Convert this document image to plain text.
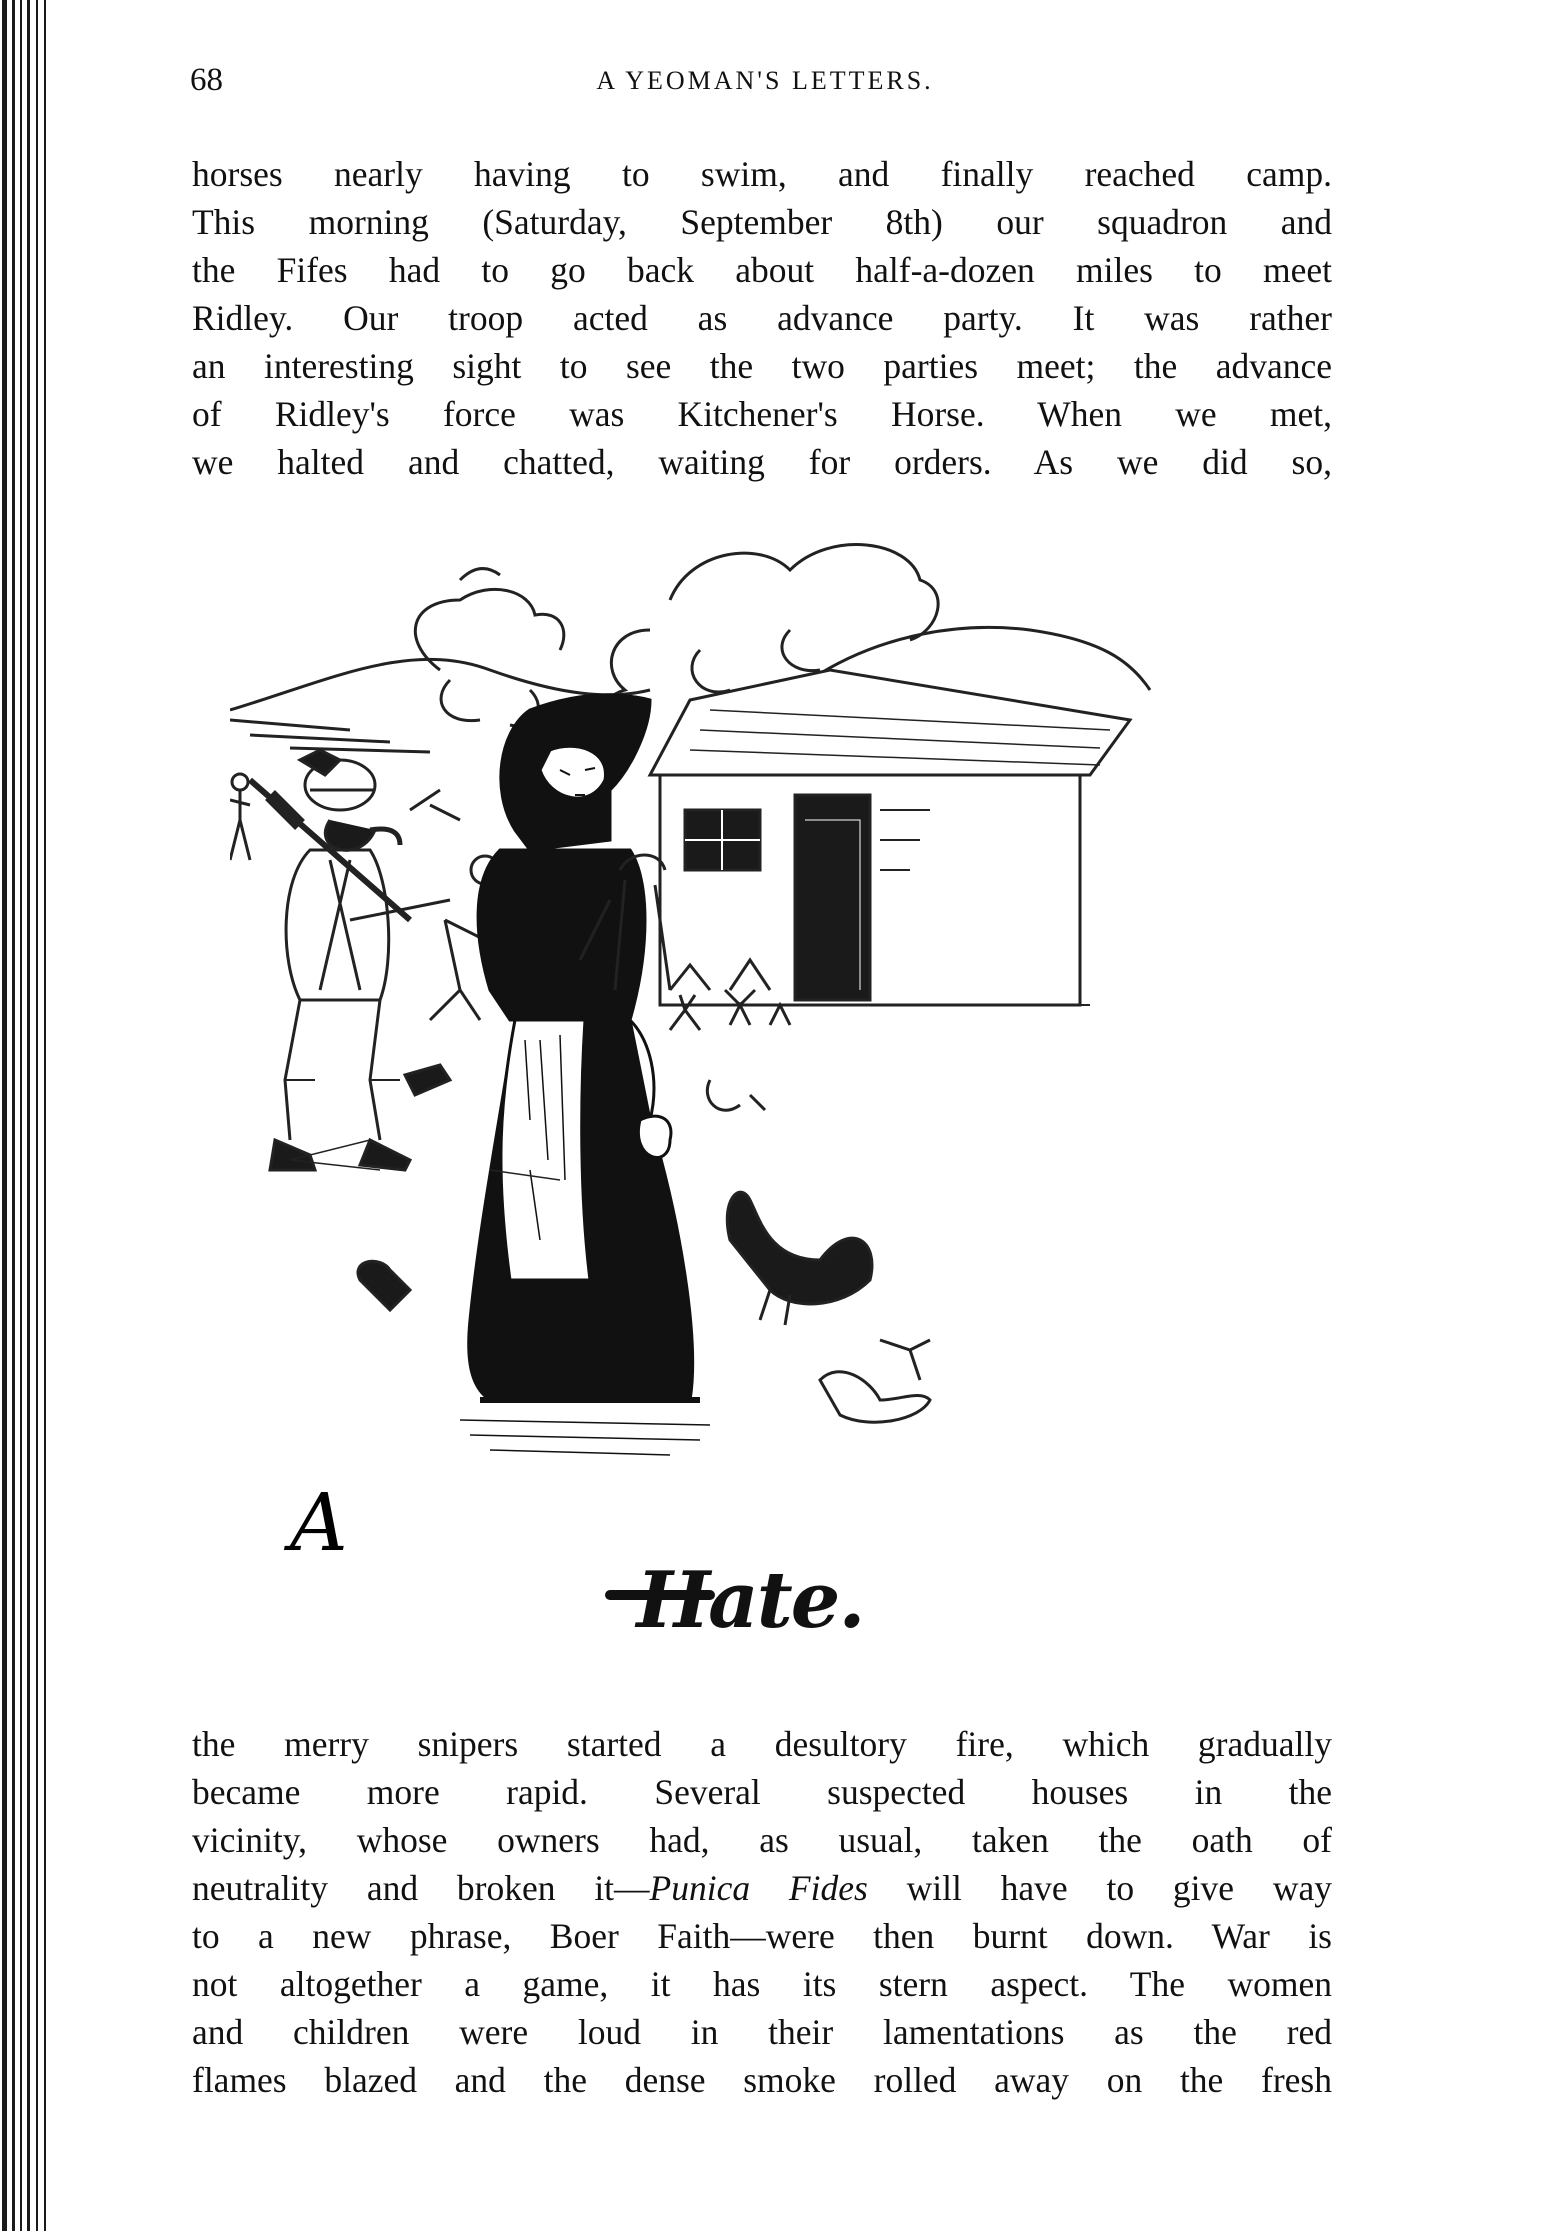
68	A YEOMAN'S LETTERS.

horses nearly having to swim, and finally reached camp.
This morning (Saturday, September 8th) our squadron and
the Fifes had to go back about half-a-dozen miles to meet
Ridley. Our troop acted as advance party. It was rather
an interesting sight to see the two parties meet; the advance
of Ridley's force was Kitchener's Horse. When we met,
we halted and chatted, waiting for orders. As we did so,

A
Hate.

the merry snipers started a desultory fire, which gradually
became more rapid. Several suspected houses in the
vicinity, whose owners had, as usual, taken the oath of
neutrality and broken it—Punica Fides will have to give way
to a new phrase, Boer Faith—were then burnt down. War is
not altogether a game, it has its stern aspect. The women
and children were loud in their lamentations as the red
flames blazed and the dense smoke rolled away on the fresh
